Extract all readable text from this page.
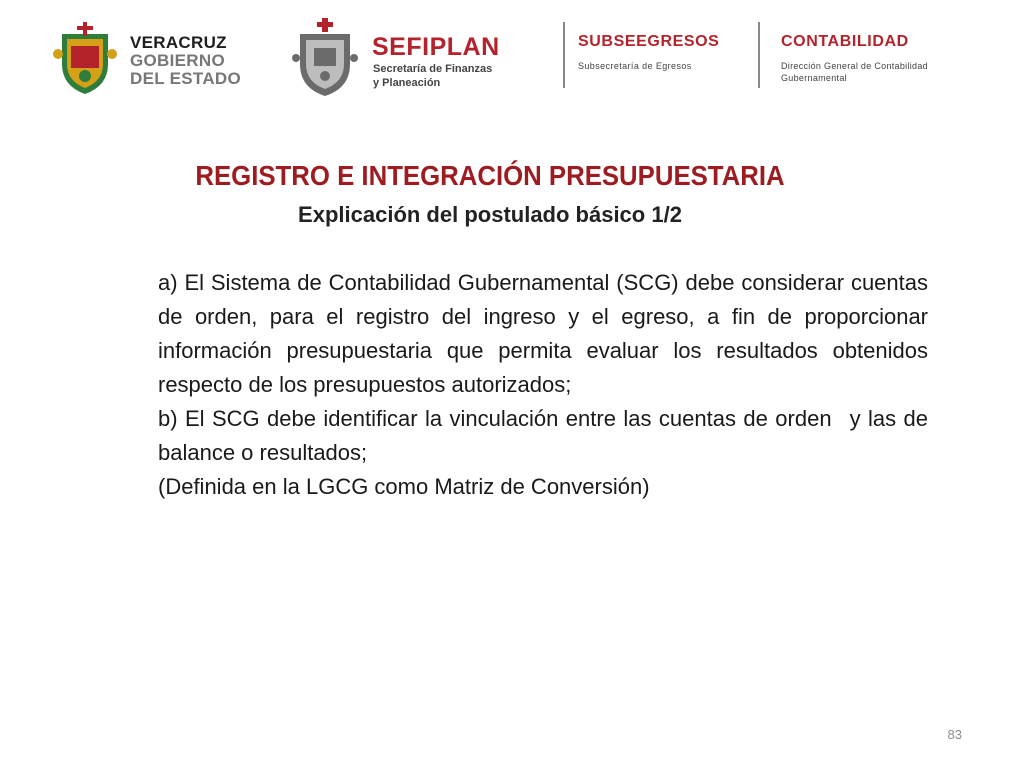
VERACRUZ
GOBIERNO
DEL ESTADO
SEFIPLAN
Secretaría de Finanzas
y Planeación
SUBSEEGRESOS
Subsecretaría de Egresos
CONTABILIDAD
Dirección General de Contabilidad
Gubernamental
REGISTRO E INTEGRACIÓN PRESUPUESTARIA
Explicación del postulado básico 1/2

a) El Sistema de Contabilidad Gubernamental (SCG) debe considerar cuentas de orden, para el registro del ingreso y el egreso, a fin de proporcionar información presupuestaria que permita evaluar los resultados obtenidos respecto de los presupuestos autorizados;

b) El SCG debe identificar la vinculación entre las cuentas de orden y las de balance o resultados;

(Definida en la LGCG como Matriz de Conversión)

83
